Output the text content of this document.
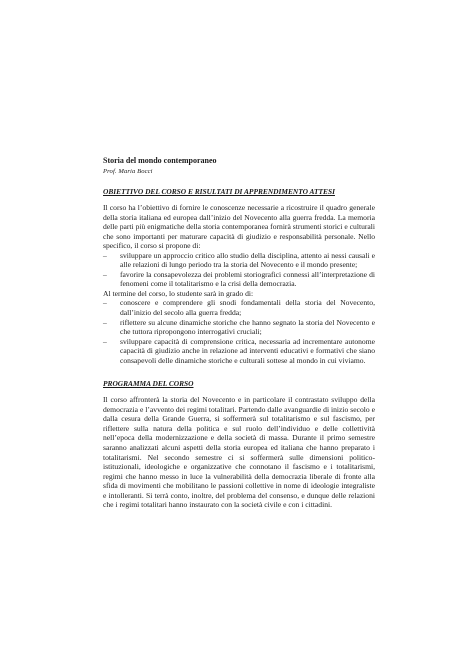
Storia del mondo contemporaneo
Prof. Maria Bocci
OBIETTIVO DEL CORSO E RISULTATI DI APPRENDIMENTO ATTESI

Il corso ha l’obiettivo di fornire le conoscenze necessarie a ricostruire il quadro generale della storia italiana ed europea dall’inizio del Novecento alla guerra fredda. La memoria delle parti più enigmatiche della storia contemporanea fornirà strumenti storici e culturali che sono importanti per maturare capacità di giudizio e responsabilità personale. Nello specifico, il corso si propone di:

– sviluppare un approccio critico allo studio della disciplina, attento ai nessi causali e alle relazioni di lungo periodo tra la storia del Novecento e il mondo presente;
– favorire la consapevolezza dei problemi storiografici connessi all’interpretazione di fenomeni come il totalitarismo e la crisi della democrazia.

Al termine del corso, lo studente sarà in grado di:

– conoscere e comprendere gli snodi fondamentali della storia del Novecento, dall’inizio del secolo alla guerra fredda;
– riflettere su alcune dinamiche storiche che hanno segnato la storia del Novecento e che tuttora ripropongono interrogativi cruciali;
– sviluppare capacità di comprensione critica, necessaria ad incrementare autonome capacità di giudizio anche in relazione ad interventi educativi e formativi che siano consapevoli delle dinamiche storiche e culturali sottese al mondo in cui viviamo.
PROGRAMMA DEL CORSO

Il corso affronterà la storia del Novecento e in particolare il contrastato sviluppo della democrazia e l’avvento dei regimi totalitari. Partendo dalle avanguardie di inizio secolo e dalla cesura della Grande Guerra, si soffermerà sul totalitarismo e sul fascismo, per riflettere sulla natura della politica e sul ruolo dell’individuo e delle collettività nell’epoca della modernizzazione e della società di massa. Durante il primo semestre saranno analizzati alcuni aspetti della storia europea ed italiana che hanno preparato i totalitarismi. Nel secondo semestre ci si soffermerà sulle dimensioni politico-istituzionali, ideologiche e organizzative che connotano il fascismo e i totalitarismi, regimi che hanno messo in luce la vulnerabilità della democrazia liberale di fronte alla sfida di movimenti che mobilitano le passioni collettive in nome di ideologie integraliste e intolleranti. Si terrà conto, inoltre, del problema del consenso, e dunque delle relazioni che i regimi totalitari hanno instaurato con la società civile e con i cittadini.
